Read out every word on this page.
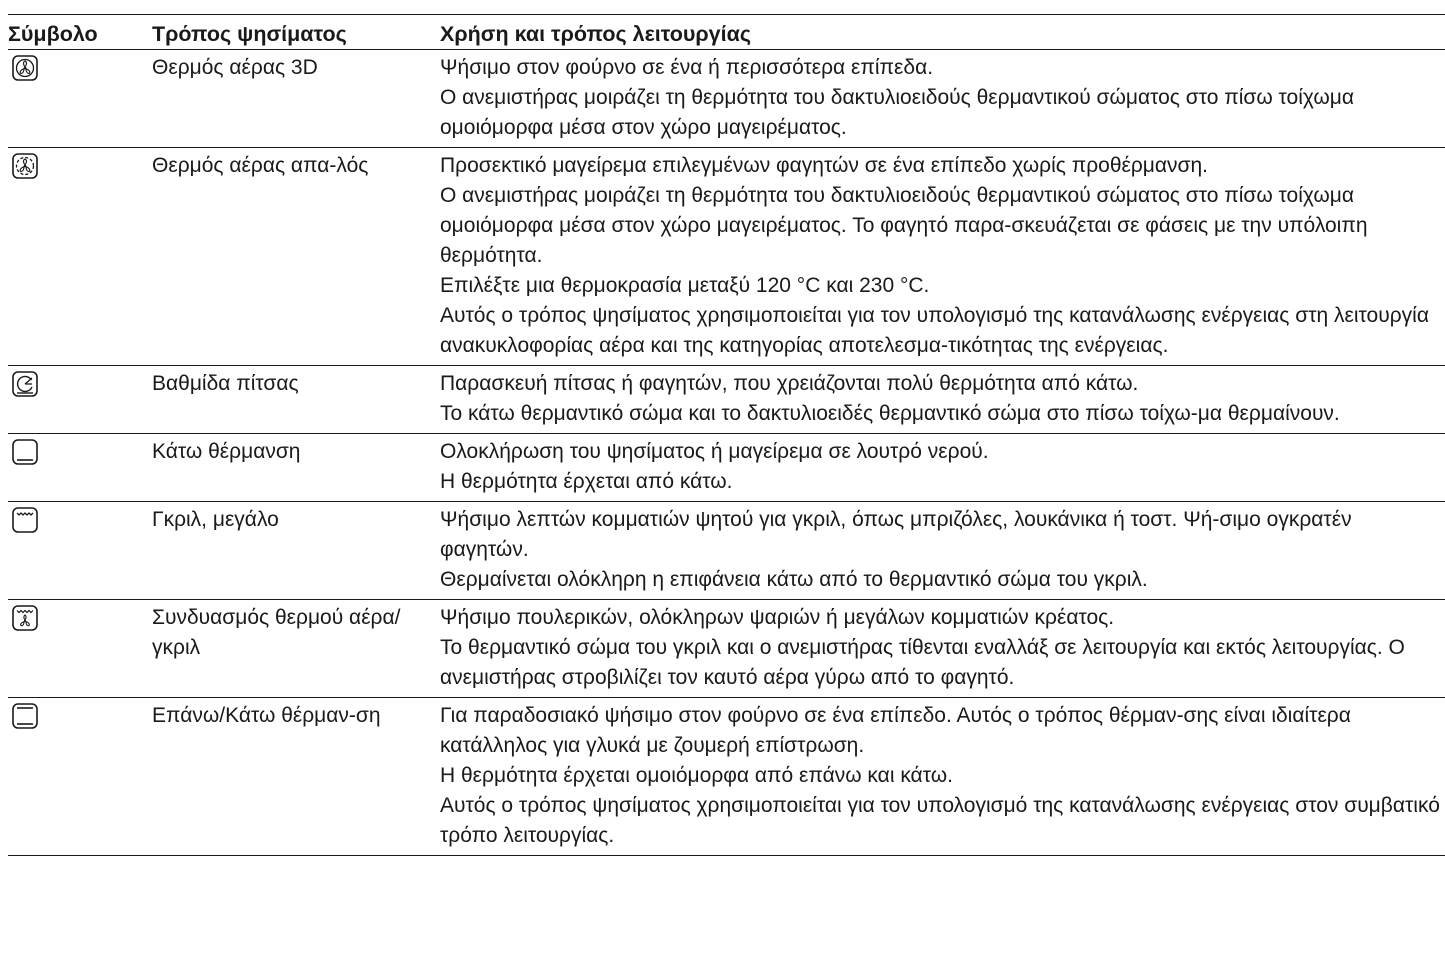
Σύμβολο	Τρόπος ψησίματος	Χρήση και τρόπος λειτουργίας

	Θερμός αέρας 3D	Ψήσιμο στον φούρνο σε ένα ή περισσότερα επίπεδα.
Ο ανεμιστήρας μοιράζει τη θερμότητα του δακτυλιοειδούς θερμαντικού σώματος στο πίσω τοίχωμα ομοιόμορφα μέσα στον χώρο μαγειρέματος.

	Θερμός αέρας απα-λός	Προσεκτικό μαγείρεμα επιλεγμένων φαγητών σε ένα επίπεδο χωρίς προθέρμανση.
Ο ανεμιστήρας μοιράζει τη θερμότητα του δακτυλιοειδούς θερμαντικού σώματος στο πίσω τοίχωμα ομοιόμορφα μέσα στον χώρο μαγειρέματος. Το φαγητό παρα-σκευάζεται σε φάσεις με την υπόλοιπη θερμότητα.
Επιλέξτε μια θερμοκρασία μεταξύ 120 °C και 230 °C.
Αυτός ο τρόπος ψησίματος χρησιμοποιείται για τον υπολογισμό της κατανάλωσης ενέργειας στη λειτουργία ανακυκλοφορίας αέρα και της κατηγορίας αποτελεσμα-τικότητας της ενέργειας.

	Βαθμίδα πίτσας	Παρασκευή πίτσας ή φαγητών, που χρειάζονται πολύ θερμότητα από κάτω.
Το κάτω θερμαντικό σώμα και το δακτυλιοειδές θερμαντικό σώμα στο πίσω τοίχω-μα θερμαίνουν.

	Κάτω θέρμανση	Ολοκλήρωση του ψησίματος ή μαγείρεμα σε λουτρό νερού.
Η θερμότητα έρχεται από κάτω.

	Γκριλ, μεγάλο	Ψήσιμο λεπτών κομματιών ψητού για γκριλ, όπως μπριζόλες, λουκάνικα ή τοστ. Ψή-σιμο ογκρατέν φαγητών.
Θερμαίνεται ολόκληρη η επιφάνεια κάτω από το θερμαντικό σώμα του γκριλ.

	Συνδυασμός θερμού αέρα/γκριλ	Ψήσιμο πουλερικών, ολόκληρων ψαριών ή μεγάλων κομματιών κρέατος.
Το θερμαντικό σώμα του γκριλ και ο ανεμιστήρας τίθενται εναλλάξ σε λειτουργία και εκτός λειτουργίας. Ο ανεμιστήρας στροβιλίζει τον καυτό αέρα γύρω από το φαγητό.

	Επάνω/Κάτω θέρμαν-ση	Για παραδοσιακό ψήσιμο στον φούρνο σε ένα επίπεδο. Αυτός ο τρόπος θέρμαν-σης είναι ιδιαίτερα κατάλληλος για γλυκά με ζουμερή επίστρωση.
Η θερμότητα έρχεται ομοιόμορφα από επάνω και κάτω.
Αυτός ο τρόπος ψησίματος χρησιμοποιείται για τον υπολογισμό της κατανάλωσης ενέργειας στον συμβατικό τρόπο λειτουργίας.
